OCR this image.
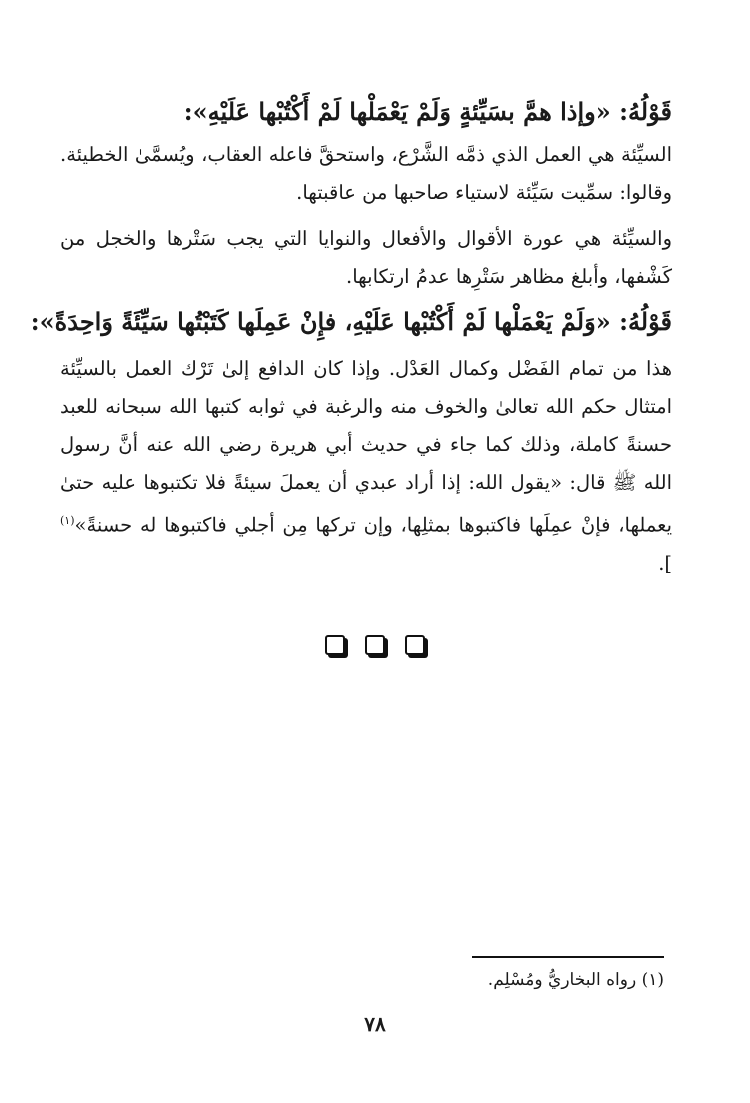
قَوْلُهُ: «وإذا همَّ بسَيِّئةٍ وَلَمْ يَعْمَلْها لَمْ أَكْتُبْها عَلَيْهِ»:

السيِّئة هي العمل الذي ذمَّه الشَّرْع، واستحقَّ فاعله العقاب، ويُسمَّىٰ الخطيئة. وقالوا: سمِّيت سَيِّئة لاستياء صاحبها من عاقبتها.

والسيِّئة هي عورة الأقوال والأفعال والنوايا التي يجب سَتْرها والخجل من كَشْفها، وأبلغ مظاهر سَتْرِها عدمُ ارتكابها.

قَوْلُهُ: «وَلَمْ يَعْمَلْها لَمْ أَكْتُبْها عَلَيْهِ، فإِنْ عَمِلَها كَتَبْتُها سَيِّئَةً وَاحِدَةً»:

هذا من تمام الفَضْل وكمال العَدْل. وإذا كان الدافع إلىٰ تَرْك العمل بالسيِّئة امتثال حكم الله تعالىٰ والخوف منه والرغبة في ثوابه كتبها الله سبحانه للعبد حسنةً كاملة، وذلك كما جاء في حديث أبي هريرة رضي الله عنه أنَّ رسول الله ﷺ قال: «يقول الله: إذا أراد عبدي أن يعملَ سيئةً فلا تكتبوها عليه حتىٰ يعملها، فإنْ عمِلَها فاكتبوها بمثلِها، وإن تركها مِن أجلي فاكتبوها له حسنةً»$^{(١)}$ ].

(١) رواه البخاريُّ ومُسْلِم.
٧٨
